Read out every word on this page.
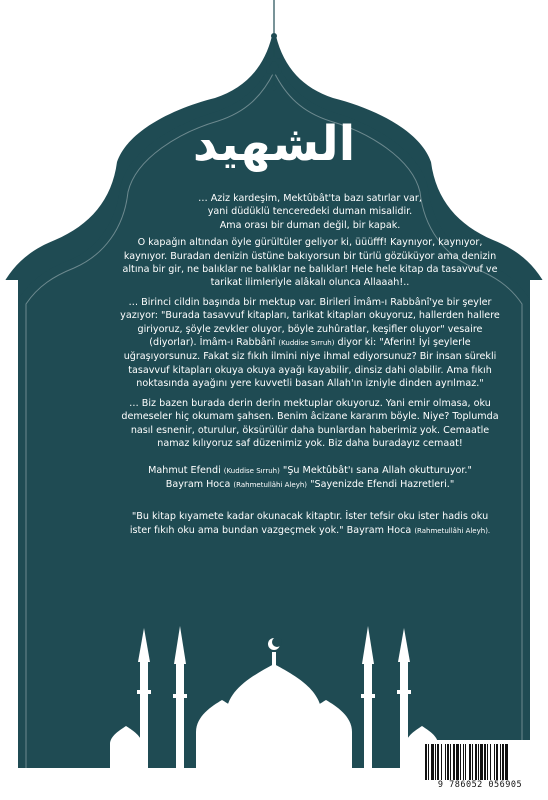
الشهيد

… Aziz kardeşim, Mektûbât'ta bazı satırlar var,

yani düdüklü tenceredeki duman misalidir.

Ama orası bir duman değil, bir kapak.

O kapağın altından öyle gürültüler geliyor ki, üüüfff! Kaynıyor, kaynıyor, kaynıyor. Buradan denizin üstüne bakıyorsun bir türlü gözüküyor ama denizin altına bir gir, ne balıklar ne balıklar ne balıklar! Hele hele kitap da tasavvuf ve tarikat ilimleriyle alâkalı olunca Allaaah!..

… Birinci cildin başında bir mektup var. Birileri İmâm-ı Rabbânî'ye bir şeyler yazıyor: "Burada tasavvuf kitapları, tarikat kitapları okuyoruz, hallerden hallere giriyoruz, şöyle zevkler oluyor, böyle zuhûratlar, keşifler oluyor" vesaire (diyorlar). İmâm-ı Rabbânî (Kuddise Sırruh) diyor ki: "Aferin! İyi şeylerle uğraşıyorsunuz. Fakat siz fıkıh ilmini niye ihmal ediyorsunuz? Bir insan sürekli tasavvuf kitapları okuya okuya ayağı kayabilir, dinsiz dahi olabilir. Ama fıkıh noktasında ayağını yere kuvvetli basan Allah'ın izniyle dinden ayrılmaz."

… Biz bazen burada derin derin mektuplar okuyoruz. Yani emir olmasa, oku demeseler hiç okumam şahsen. Benim âcizane kararım böyle. Niye? Toplumda nasıl esnenir, oturulur, öksürülür daha bunlardan haberimiz yok. Cemaatle namaz kılıyoruz saf düzenimiz yok. Biz daha buradayız cemaat!

Mahmut Efendi (Kuddise Sırruh) "Şu Mektûbât'ı sana Allah okutturuyor."

Bayram Hoca (Rahmetullâhi Aleyh) "Sayenizde Efendi Hazretleri."

"Bu kitap kıyamete kadar okunacak kitaptır. İster tefsir oku ister hadis oku ister fıkıh oku ama bundan vazgeçmek yok." Bayram Hoca (Rahmetullâhi Aleyh).

9 786052 056905
